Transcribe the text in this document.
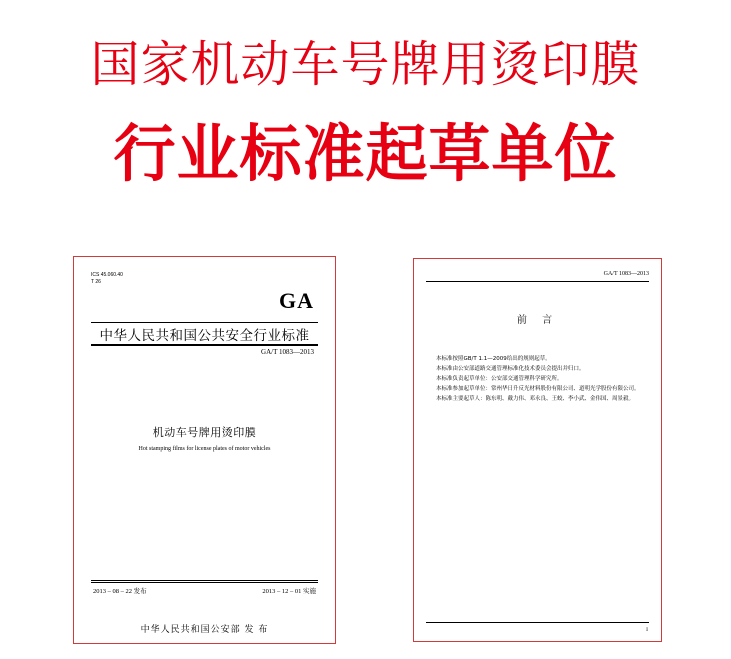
国家机动车号牌用烫印膜
行业标准起草单位
ICS 45.060.40
T 26
GA
中华人民共和国公共安全行业标准
GA/T 1083—2013
机动车号牌用烫印膜
Hot stamping films for license plates of motor vehicles
2013 – 08 – 22 发布	2013 – 12 – 01 实施
中华人民共和国公安部 发 布
GA/T 1083—2013
前 言

本标准按照GB/T 1.1—2009给出的规则起草。

本标准由公安部道路交通管理标准化技术委员会提出并归口。

本标准负责起草单位：公安部交通管理科学研究所。

本标准参加起草单位：常州华日升反光材料股份有限公司、道明光学股份有限公司。

本标准主要起草人：陈东明、戴力伟、邓永良、王蛟、李小武、金伟国、周景毅。

I
